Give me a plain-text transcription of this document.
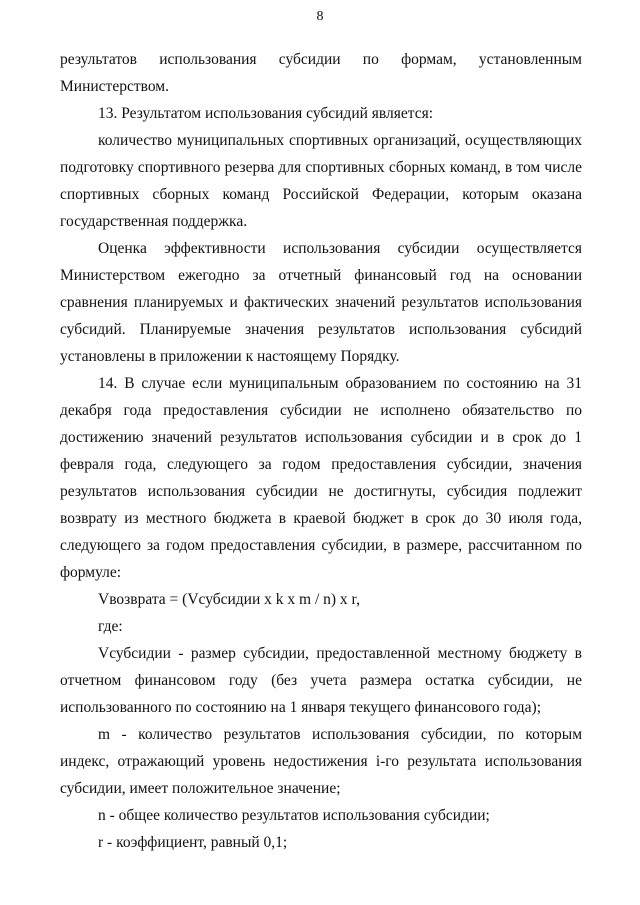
8

результатов использования субсидии по формам, установленным Министерством.

13. Результатом использования субсидий является:

количество муниципальных спортивных организаций, осуществляющих подготовку спортивного резерва для спортивных сборных команд, в том числе спортивных сборных команд Российской Федерации, которым оказана государственная поддержка.

Оценка эффективности использования субсидии осуществляется Министерством ежегодно за отчетный финансовый год на основании сравнения планируемых и фактических значений результатов использования субсидий. Планируемые значения результатов использования субсидий установлены в приложении к настоящему Порядку.

14. В случае если муниципальным образованием по состоянию на 31 декабря года предоставления субсидии не исполнено обязательство по достижению значений результатов использования субсидии и в срок до 1 февраля года, следующего за годом предоставления субсидии, значения результатов использования субсидии не достигнуты, субсидия подлежит возврату из местного бюджета в краевой бюджет в срок до 30 июля года, следующего за годом предоставления субсидии, в размере, рассчитанном по формуле:

Vвозврата = (Vсубсидии x k x m / n) x r,

где:

Vсубсидии - размер субсидии, предоставленной местному бюджету в отчетном финансовом году (без учета размера остатка субсидии, не использованного по состоянию на 1 января текущего финансового года);

m - количество результатов использования субсидии, по которым индекс, отражающий уровень недостижения i-го результата использования субсидии, имеет положительное значение;

n - общее количество результатов использования субсидии;

r - коэффициент, равный 0,1;
